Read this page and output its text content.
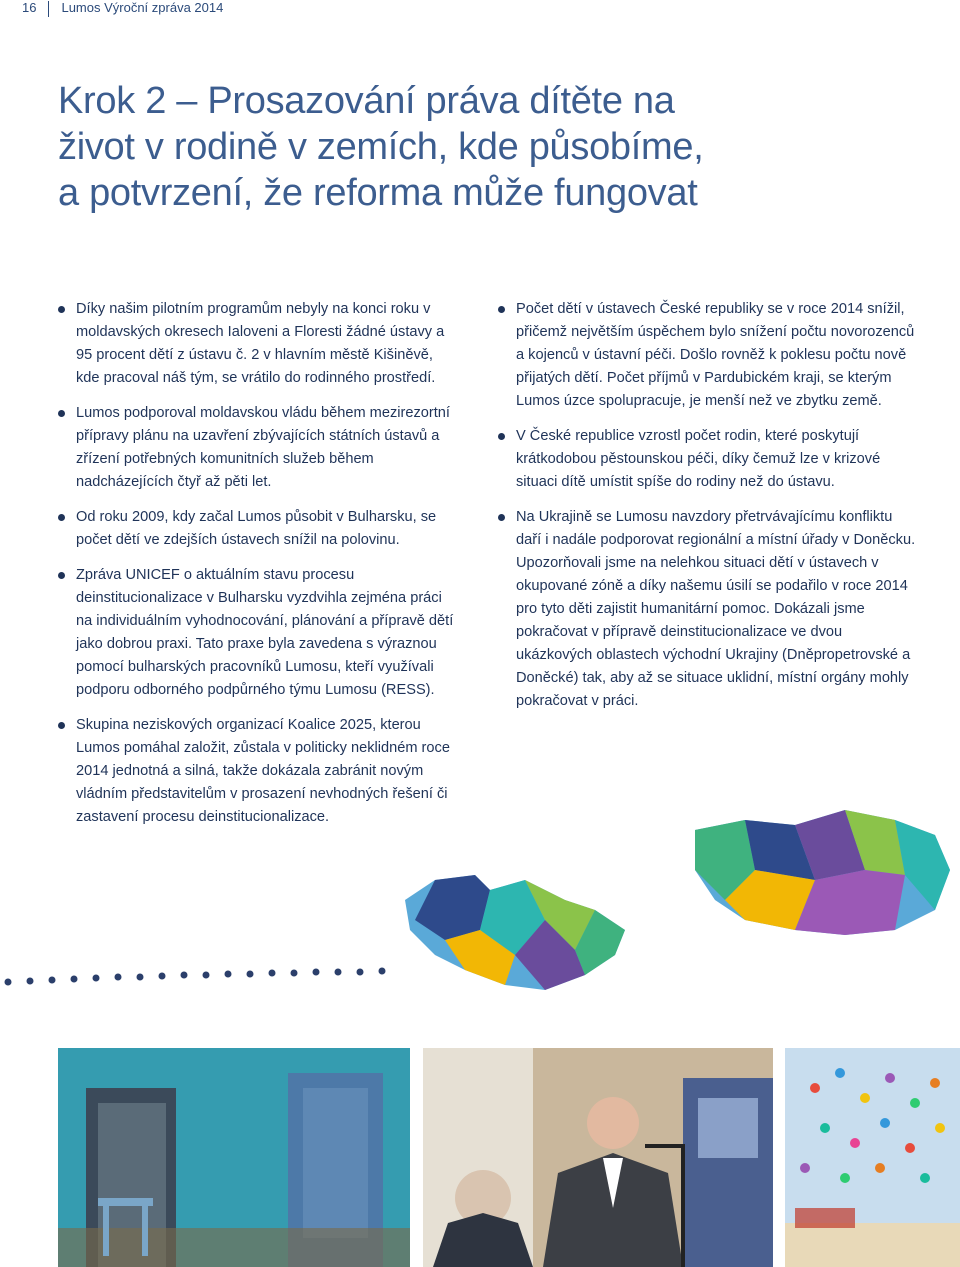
16 Lumos Výroční zpráva 2014
Krok 2 – Prosazování práva dítěte na
život v rodině v zemích, kde působíme,
a potvrzení, že reforma může fungovat
Díky našim pilotním programům nebyly na konci roku v moldavských okresech Ialoveni a Floresti žádné ústavy a 95 procent dětí z ústavu č. 2 v hlavním městě Kišiněvě, kde pracoval náš tým, se vrátilo do rodinného prostředí.
Lumos podporoval moldavskou vládu během mezirezortní přípravy plánu na uzavření zbývajících státních ústavů a zřízení potřebných komunitních služeb během nadcházejících čtyř až pěti let.
Od roku 2009, kdy začal Lumos působit v Bulharsku, se počet dětí ve zdejších ústavech snížil na polovinu.
Zpráva UNICEF o aktuálním stavu procesu deinstitucionalizace v Bulharsku vyzdvihla zejména práci na individuálním vyhodnocování, plánování a přípravě dětí jako dobrou praxi. Tato praxe byla zavedena s výraznou pomocí bulharských pracovníků Lumosu, kteří využívali podporu odborného podpůrného týmu Lumosu (RESS).
Skupina neziskových organizací Koalice 2025, kterou Lumos pomáhal založit, zůstala v politicky neklidném roce 2014 jednotná a silná, takže dokázala zabránit novým vládním představitelům v prosazení nevhodných řešení či zastavení procesu deinstitucionalizace.
Počet dětí v ústavech České republiky se v roce 2014 snížil, přičemž největším úspěchem bylo snížení počtu novorozenců a kojenců v ústavní péči. Došlo rovněž k poklesu počtu nově přijatých dětí. Počet příjmů v Pardubickém kraji, se kterým Lumos úzce spolupracuje, je menší než ve zbytku země.
V České republice vzrostl počet rodin, které poskytují krátkodobou pěstounskou péči, díky čemuž lze v krizové situaci dítě umístit spíše do rodiny než do ústavu.
Na Ukrajině se Lumosu navzdory přetrvávajícímu konfliktu daří i nadále podporovat regionální a místní úřady v Doněcku. Upozorňovali jsme na nelehkou situaci dětí v ústavech v okupované zóně a díky našemu úsilí se podařilo v roce 2014 pro tyto děti zajistit humanitární pomoc. Dokázali jsme pokračovat v přípravě deinstitucionalizace ve dvou ukázkových oblastech východní Ukrajiny (Dněpropetrovské a Doněcké) tak, aby až se situace uklidní, místní orgány mohly pokračovat v práci.
